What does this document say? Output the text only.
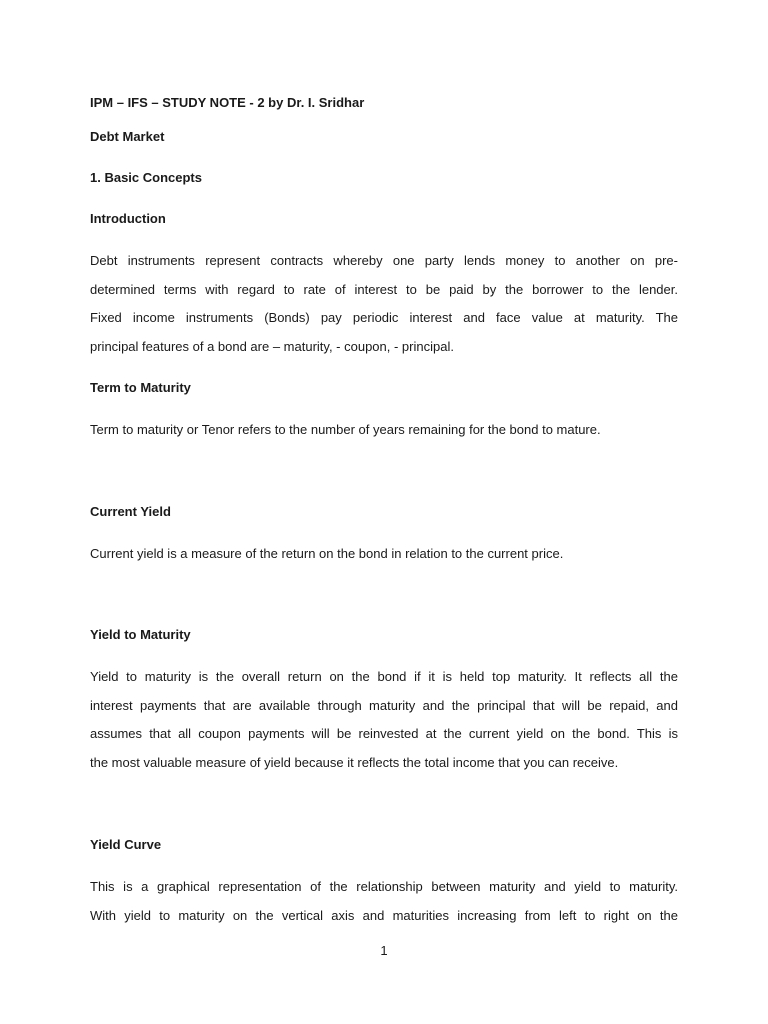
IPM – IFS – STUDY NOTE - 2 by Dr. I. Sridhar
Debt Market
1. Basic Concepts
Introduction
Debt instruments represent contracts whereby one party lends money to another on pre-
determined terms with regard to rate of interest to be paid by the borrower to the lender.
Fixed income instruments (Bonds) pay periodic interest and face value at maturity. The
principal features of a bond are – maturity, - coupon, - principal.
Term to Maturity
Term to maturity or Tenor refers to the number of years remaining for the bond to mature.
Current Yield
Current yield is a measure of the return on the bond in relation to the current price.
Yield to Maturity
Yield to maturity is the overall return on the bond if it is held top maturity. It reflects all the
interest payments that are available through maturity and the principal that will be repaid, and
assumes that all coupon payments will be reinvested at the current yield on the bond. This is
the most valuable measure of yield because it reflects the total income that you can receive.
Yield Curve
This is a graphical representation of the relationship between maturity and yield to maturity.
With yield to maturity on the vertical axis and maturities increasing from left to right on the
1
